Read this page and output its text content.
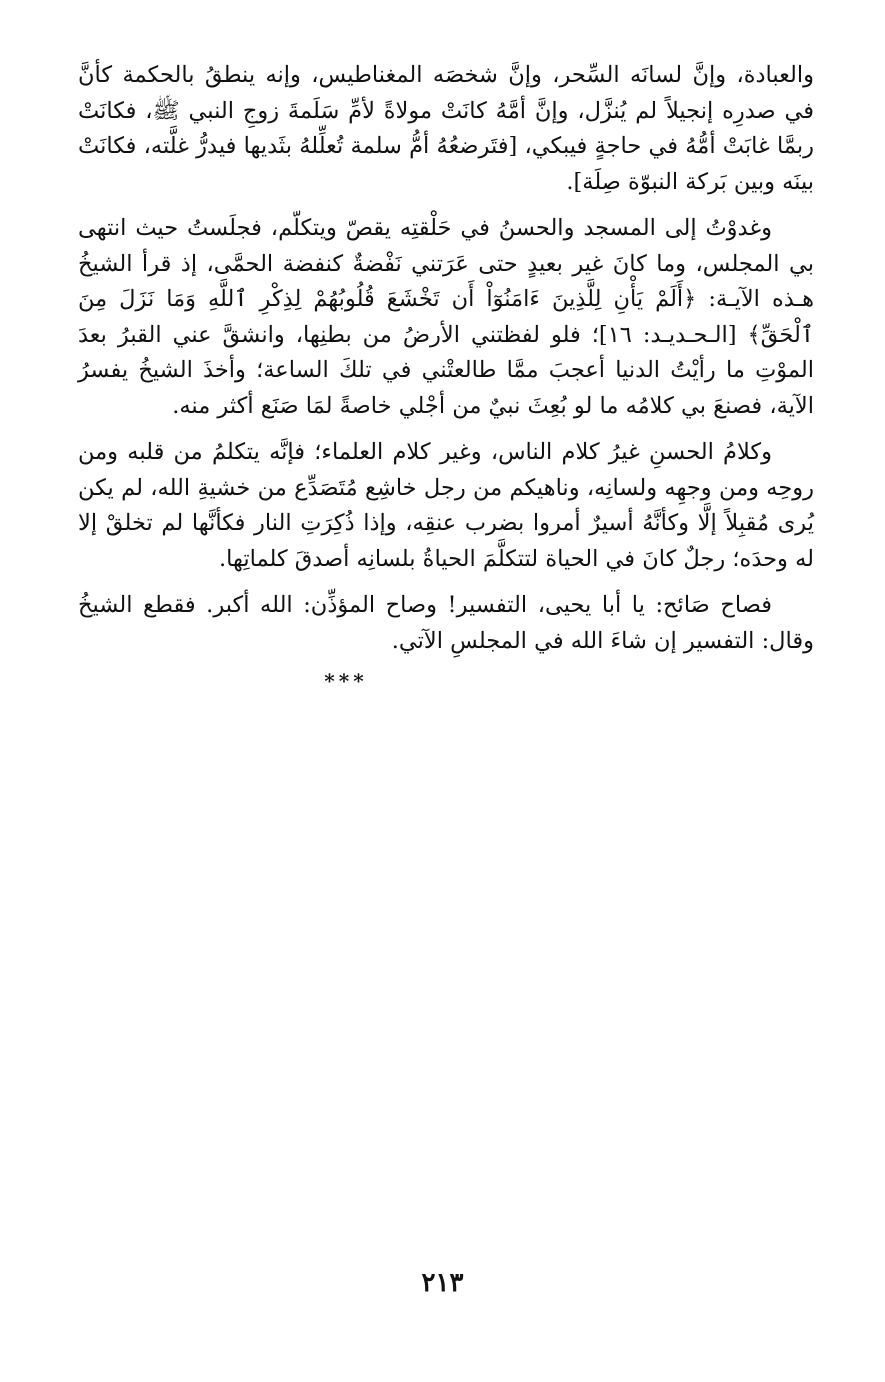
والعبادة، وإنَّ لسانَه السِّحر، وإنَّ شخصَه المغناطيس، وإنه ينطقُ بالحكمة كأنَّ في صدرِه إنجيلاً لم يُنزَّل، وإنَّ أمَّهُ كانَتْ مولاةً لأمِّ سَلَمةَ زوجِ النبي ﷺ، فكانَتْ ربمَّا غابَتْ أمُّهُ في حاجةٍ فيبكي، [فتَرضعُهُ أمُّ سلمة تُعلِّلهُ بثَديها فيدرُّ غلَّته، فكانَتْ بينَه وبين بَركة النبوّة صِلَة].

وغدوْتُ إلى المسجد والحسنُ في حَلْقتِه يقصّ ويتكلّم، فجلَستُ حيث انتهى بي المجلس، وما كانَ غير بعيدٍ حتى عَرَتني نَفْضةٌ كنفضة الحمَّى، إذ قرأ الشيخُ هـذه الآيـة: ﴿أَلَمْ يَأْنِ لِلَّذِينَ ءَامَنُوٓاْ أَن تَخْشَعَ قُلُوبُهُمْ لِذِكْرِ ٱللَّهِ وَمَا نَزَلَ مِنَ ٱلْحَقِّ﴾ [الـحـديـد: ١٦]؛ فلو لفظتني الأرضُ من بطنِها، وانشقَّ عني القبرُ بعدَ الموْتِ ما رأيْتُ الدنيا أعجبَ ممَّا طالعتْني في تلكَ الساعة؛ وأخذَ الشيخُ يفسرُ الآية، فصنعَ بي كلامُه ما لو بُعِثَ نبيٌ من أجْلي خاصةً لمَا صَنَع أكثر منه.

وكلامُ الحسنِ غيرُ كلام الناس، وغير كلام العلماء؛ فإنَّه يتكلمُ من قلبه ومن روحِه ومن وجهِه ولسانِه، وناهيكم من رجل خاشِع مُتَصَدِّع من خشيةِ الله، لم يكن يُرى مُقبِلاً إلَّا وكأنَّهُ أسيرٌ أمروا بضرب عنقِه، وإذا ذُكِرَتِ النار فكأنَّها لم تخلقْ إلا له وحدَه؛ رجلٌ كانَ في الحياة لتتكلَّمَ الحياةُ بلسانِه أصدقَ كلماتِها.

فصاح صَائح: يا أبا يحيى، التفسير! وصاح المؤذِّن: الله أكبر. فقطع الشيخُ وقال: التفسير إن شاءَ الله في المجلسِ الآتي.

***
٢١٣
